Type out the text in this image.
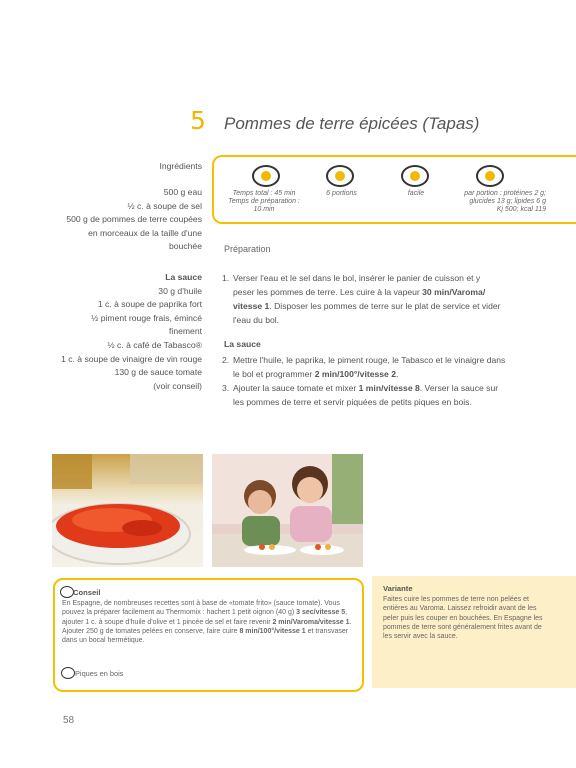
5 Pommes de terre épicées (Tapas)
Ingrédients
500 g eau
½ c. à soupe de sel
500 g de pommes de terre coupées
en morceaux de la taille d'une
bouchée
La sauce
30 g d'huile
1 c. à soupe de paprika fort
½ piment rouge frais, émincé
finement
½ c. à café de Tabasco®
1 c. à soupe de vinaigre de vin rouge
130 g de sauce tomate
(voir conseil)
Temps total : 45 min
Temps de préparation :
10 min
6 portions	facile	par portion : protéines 2 g;
glucides 13 g; lipides 6 g
Kj 500; kcal 119
Préparation
1. Verser l'eau et le sel dans le bol, insérer le panier de cuisson et y
peser les pommes de terre. Les cuire à la vapeur 30 min/Varoma/
vitesse 1. Disposer les pommes de terre sur le plat de service et vider
l'eau du bol.
La sauce
2. Mettre l'huile, le paprika, le piment rouge, le Tabasco et le vinaigre dans
le bol et programmer 2 min/100°/vitesse 2.
3. Ajouter la sauce tomate et mixer 1 min/vitesse 8. Verser la sauce sur
les pommes de terre et servir piquées de petits piques en bois.
Conseil
En Espagne, de nombreuses recettes sont à base de «tomate frito» (sauce tomate). Vous pouvez la préparer facilement au Thermomix : hachert 1 petit oignon (40 g) 3 sec/vitesse 5, ajouter 1 c. à soupe d'huile d'olive et 1 pincée de sel et faire revenir 2 min/Varoma/vitesse 1. Ajouter 250 g de tomates pelées en conserve, faire cuire 8 min/100°/vitesse 1 et transvaser dans un bocal hermétique.
Piques en bois
Variante
Faites cuire les pommes de terre non pelées et entières au Varoma. Laissez refroidir avant de les peler puis les couper en bouchées. En Espagne les pommes de terre sont généralement frites avant de les servir avec la sauce.
58
